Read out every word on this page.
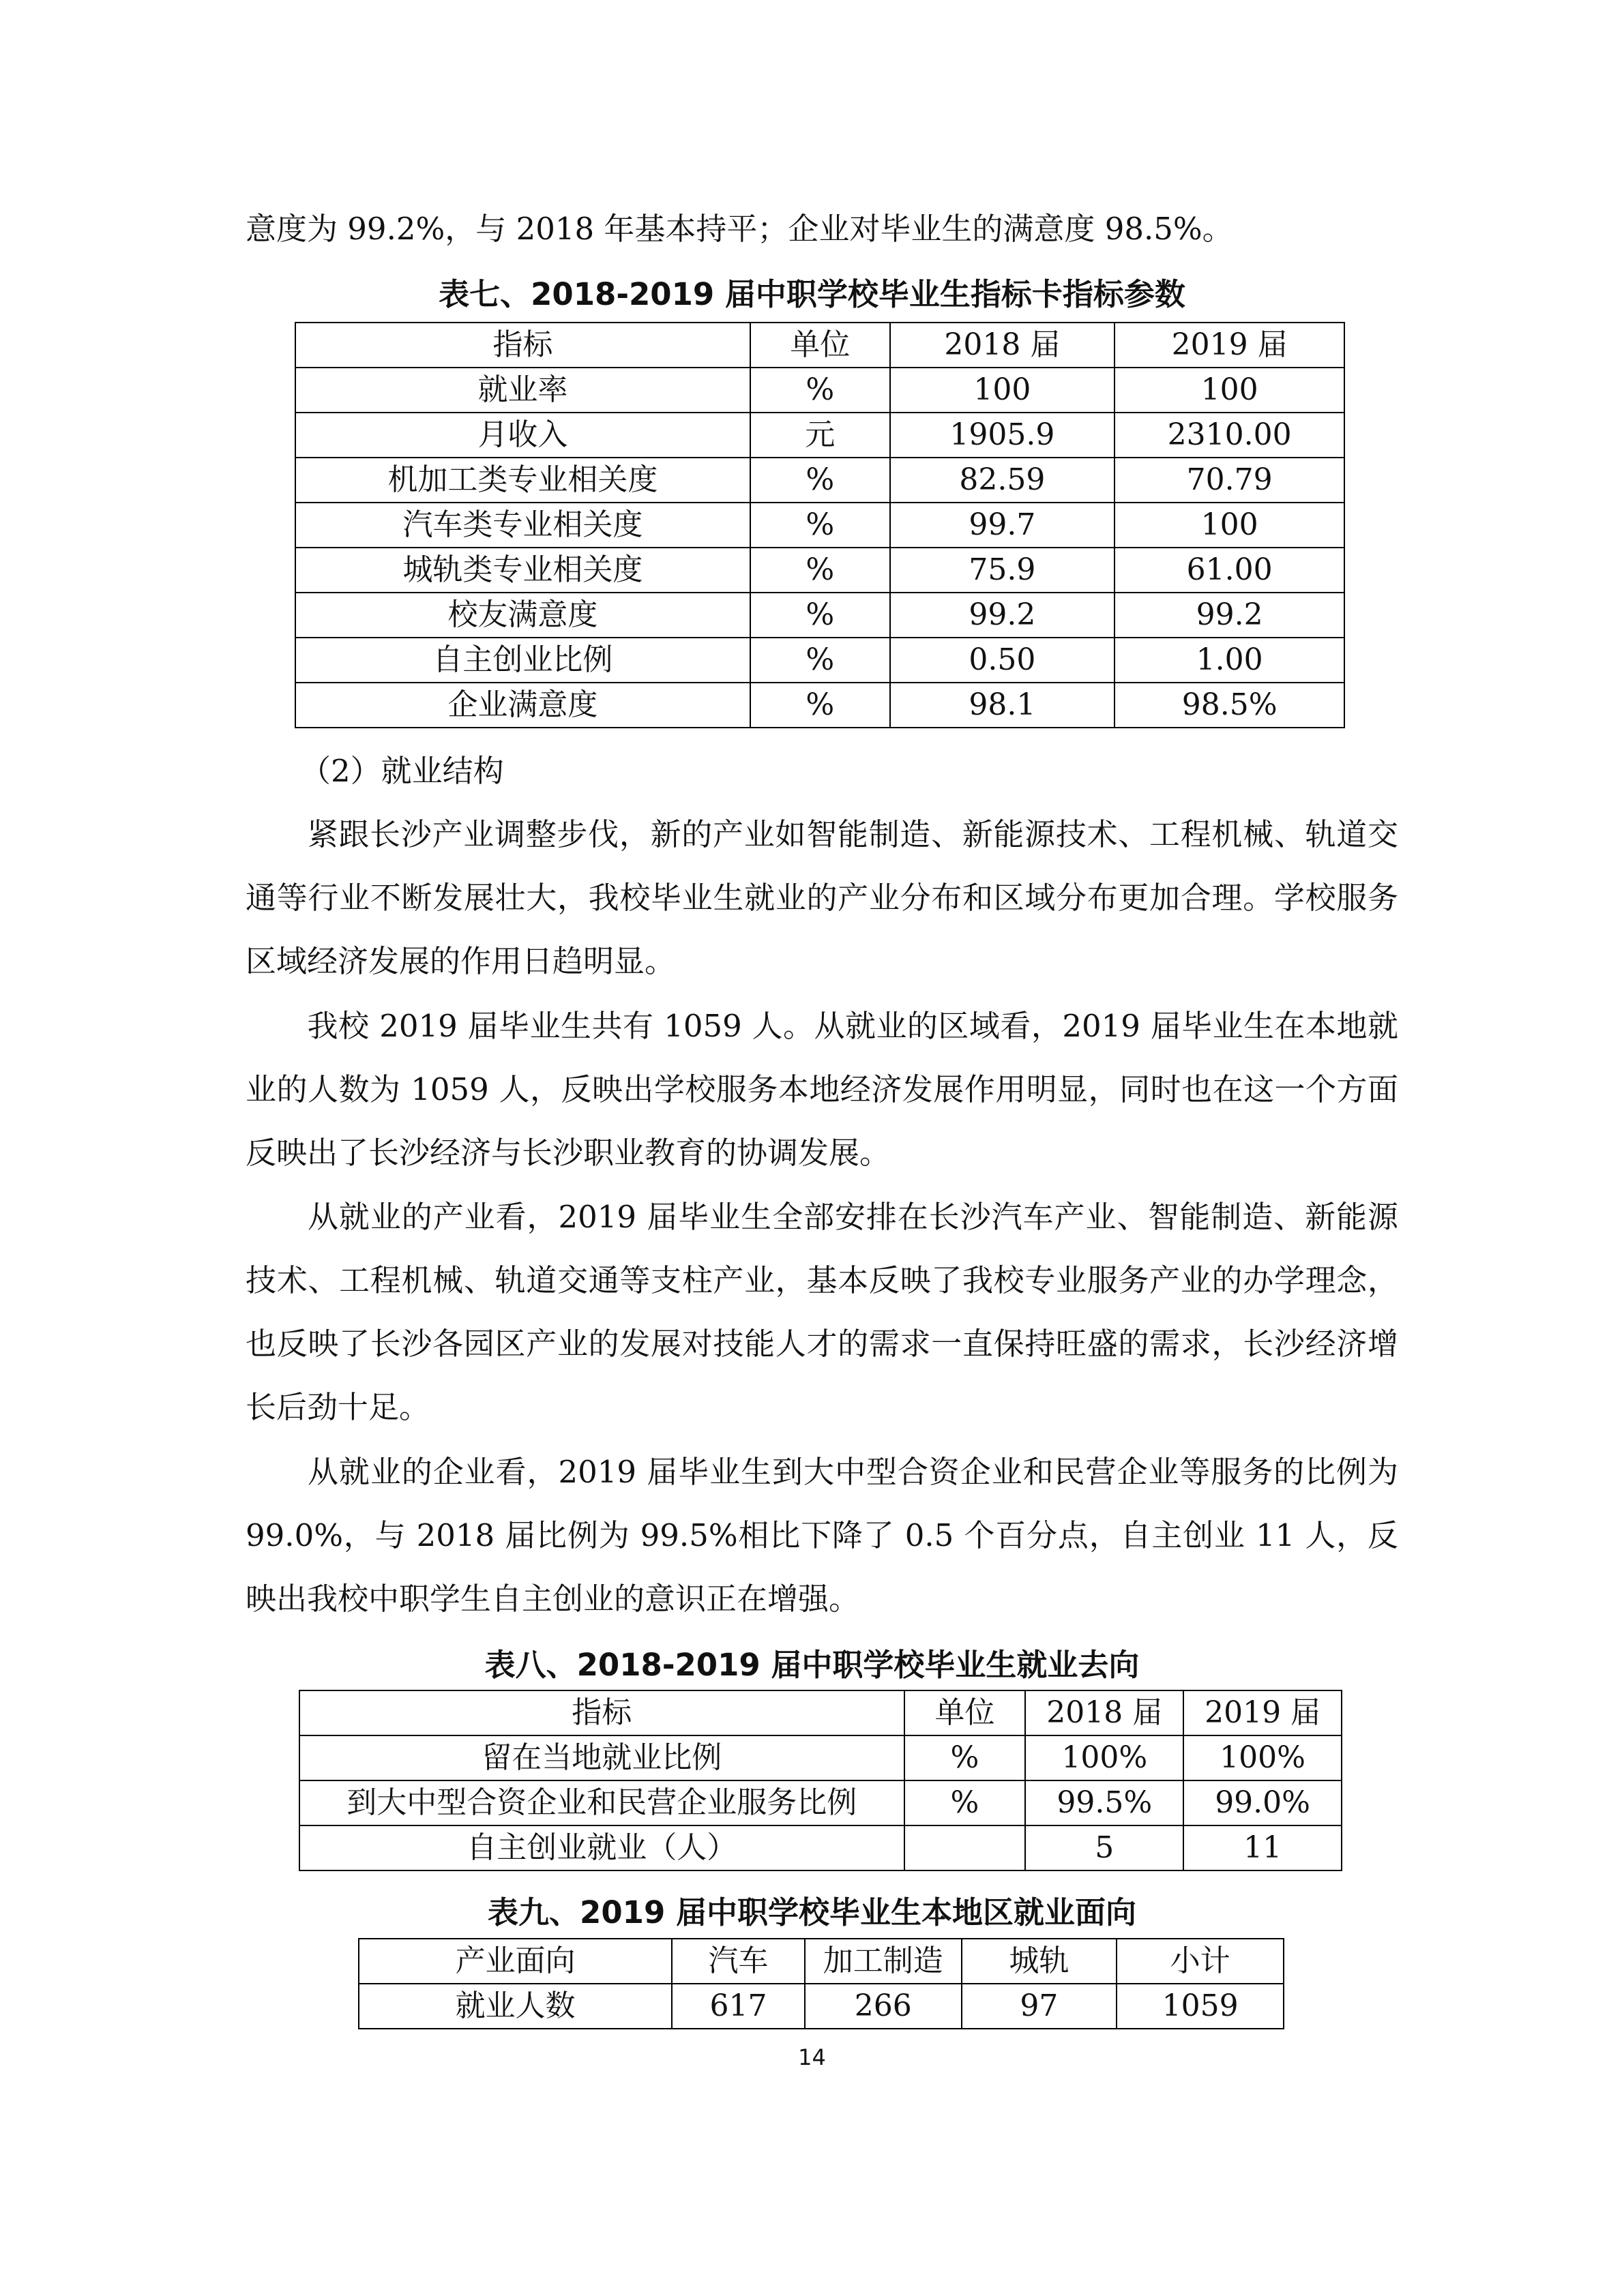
意度为 99.2%，与 2018 年基本持平；企业对毕业生的满意度 98.5%。
表七、2018-2019 届中职学校毕业生指标卡指标参数
指标	单位	2018 届	2019 届
就业率	%	100	100
月收入	元	1905.9	2310.00
机加工类专业相关度	%	82.59	70.79
汽车类专业相关度	%	99.7	100
城轨类专业相关度	%	75.9	61.00
校友满意度	%	99.2	99.2
自主创业比例	%	0.50	1.00
企业满意度	%	98.1	98.5%
（2）就业结构
紧跟长沙产业调整步伐，新的产业如智能制造、新能源技术、工程机械、轨道交通等行业不断发展壮大，我校毕业生就业的产业分布和区域分布更加合理。学校服务区域经济发展的作用日趋明显。
我校 2019 届毕业生共有 1059 人。从就业的区域看，2019 届毕业生在本地就业的人数为 1059 人，反映出学校服务本地经济发展作用明显，同时也在这一个方面反映出了长沙经济与长沙职业教育的协调发展。
从就业的产业看，2019 届毕业生全部安排在长沙汽车产业、智能制造、新能源技术、工程机械、轨道交通等支柱产业，基本反映了我校专业服务产业的办学理念，也反映了长沙各园区产业的发展对技能人才的需求一直保持旺盛的需求，长沙经济增长后劲十足。
从就业的企业看，2019 届毕业生到大中型合资企业和民营企业等服务的比例为 99.0%，与 2018 届比例为 99.5%相比下降了 0.5 个百分点，自主创业 11 人，反映出我校中职学生自主创业的意识正在增强。
表八、2018-2019 届中职学校毕业生就业去向
指标	单位	2018 届	2019 届
留在当地就业比例	%	100%	100%
到大中型合资企业和民营企业服务比例	%	99.5%	99.0%
自主创业就业（人）		5	11
表九、2019 届中职学校毕业生本地区就业面向
产业面向	汽车	加工制造	城轨	小计
就业人数	617	266	97	1059
14
